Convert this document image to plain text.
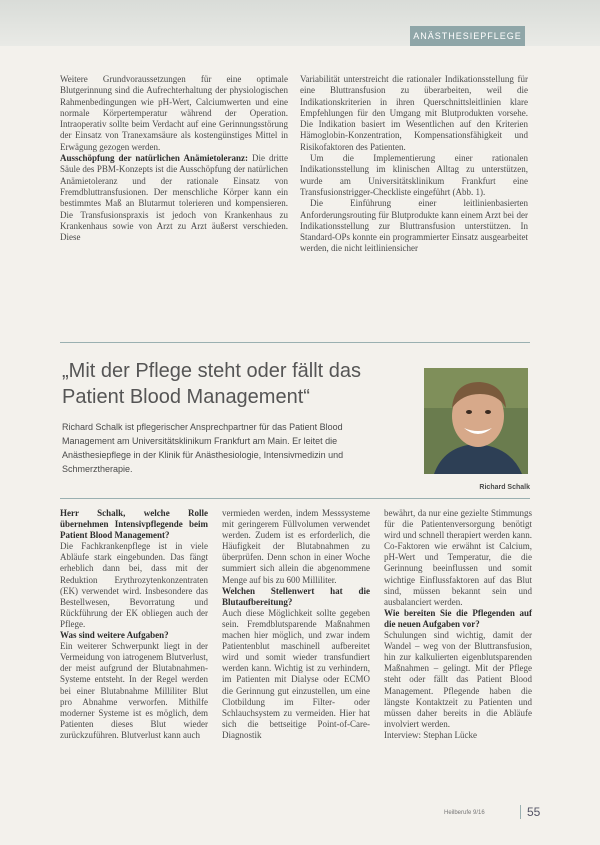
ANÄSTHESIEPFLEGE

Weitere Grundvoraussetzungen für eine optimale Blutgerinnung sind die Aufrechterhaltung der physiologischen Rahmenbedingungen wie pH-Wert, Calciumwerten und eine normale Körpertemperatur während der Operation. Intraoperativ sollte beim Verdacht auf eine Gerinnungsstörung der Einsatz von Tranexamsäure als kostengünstiges Mittel in Erwägung gezogen werden.

Ausschöpfung der natürlichen Anämietoleranz: Die dritte Säule des PBM-Konzepts ist die Ausschöpfung der natürlichen Anämietoleranz und der rationale Einsatz von Fremdbluttransfusionen. Der menschliche Körper kann ein bestimmtes Maß an Blutarmut tolerieren und kompensieren. Die Transfusionspraxis ist jedoch von Krankenhaus zu Krankenhaus sowie von Arzt zu Arzt äußerst verschieden. Diese

Variabilität unterstreicht die rationaler Indikationsstellung für eine Bluttransfusion zu überarbeiten, weil die Indikationskriterien in ihren Querschnittsleitlinien klare Empfehlungen für den Umgang mit Blutprodukten vorsehe. Die Indikation basiert im Wesentlichen auf den Kriterien Hämoglobin-Konzentration, Kompensationsfähigkeit und Risikofaktoren des Patienten.

Um die Implementierung einer rationalen Indikationsstellung im klinischen Alltag zu unterstützen, wurde am Universitätsklinikum Frankfurt eine Transfusionstrigger-Checkliste eingeführt (Abb. 1).

Die Einführung einer leitlinienbasierten Anforderungsrouting für Blutprodukte kann einem Arzt bei der Indikationsstellung zur Bluttransfusion unterstützen. In Standard-OPs konnte ein programmierter Einsatz ausgearbeitet werden, die nicht leitliniensicher

„Mit der Pflege steht oder fällt das Patient Blood Management“
Richard Schalk ist pflegerischer Ansprechpartner für das Patient Blood Management am Universitätsklinikum Frankfurt am Main. Er leitet die Anästhesiepflege in der Klinik für Anästhesiologie, Intensivmedizin und Schmerztherapie.
Richard Schalk

Herr Schalk, welche Rolle übernehmen Intensivpflegende beim Patient Blood Management?

Die Fachkrankenpflege ist in viele Abläufe stark eingebunden. Das fängt erheblich dann bei, dass mit der Reduktion Erythrozytenkonzentraten (EK) verwendet wird. Insbesondere das Bestellwesen, Bevorratung und Rückführung der EK obliegen auch der Pflege.

Was sind weitere Aufgaben?

Ein weiterer Schwerpunkt liegt in der Vermeidung von iatrogenem Blutverlust, der meist aufgrund der Blutabnahmen-Systeme entsteht. In der Regel werden bei einer Blutabnahme Milliliter Blut pro Abnahme verworfen. Mithilfe moderner Systeme ist es möglich, dem Patienten dieses Blut wieder zurückzuführen. Blutverlust kann auch

vermieden werden, indem Messsysteme mit geringerem Füllvolumen verwendet werden. Zudem ist es erforderlich, die Häufigkeit der Blutabnahmen zu überprüfen. Denn schon in einer Woche summiert sich allein die abgenommene Menge auf bis zu 600 Milliliter.

Welchen Stellenwert hat die Blutaufbereitung?

Auch diese Möglichkeit sollte gegeben sein. Fremdblutsparende Maßnahmen machen hier möglich, und zwar indem Patientenblut maschinell aufbereitet wird und somit wieder transfundiert werden kann. Wichtig ist zu verhindern, im Patienten mit Dialyse oder ECMO die Gerinnung gut einzustellen, um eine Clotbildung im Filter- oder Schlauchsystem zu vermeiden. Hier hat sich die bettseitige Point-of-Care-Diagnostik

bewährt, da nur eine gezielte Stimmungs für die Patientenversorgung benötigt wird und schnell therapiert werden kann. Co-Faktoren wie erwähnt ist Calcium, pH-Wert und Temperatur, die die Gerinnung beeinflussen und somit wichtige Einflussfaktoren auf das Blut sind, müssen bekannt sein und ausbalanciert werden.

Wie bereiten Sie die Pflegenden auf die neuen Aufgaben vor?

Schulungen sind wichtig, damit der Wandel – weg von der Bluttransfusion, hin zur kalkulierten eigenblutsparenden Maßnahmen – gelingt. Mit der Pflege steht oder fällt das Patient Blood Management. Pflegende haben die längste Kontaktzeit zu Patienten und müssen daher bereits in die Abläufe involviert werden.

Interview: Stephan Lücke

Heilberufe 9/16	55
